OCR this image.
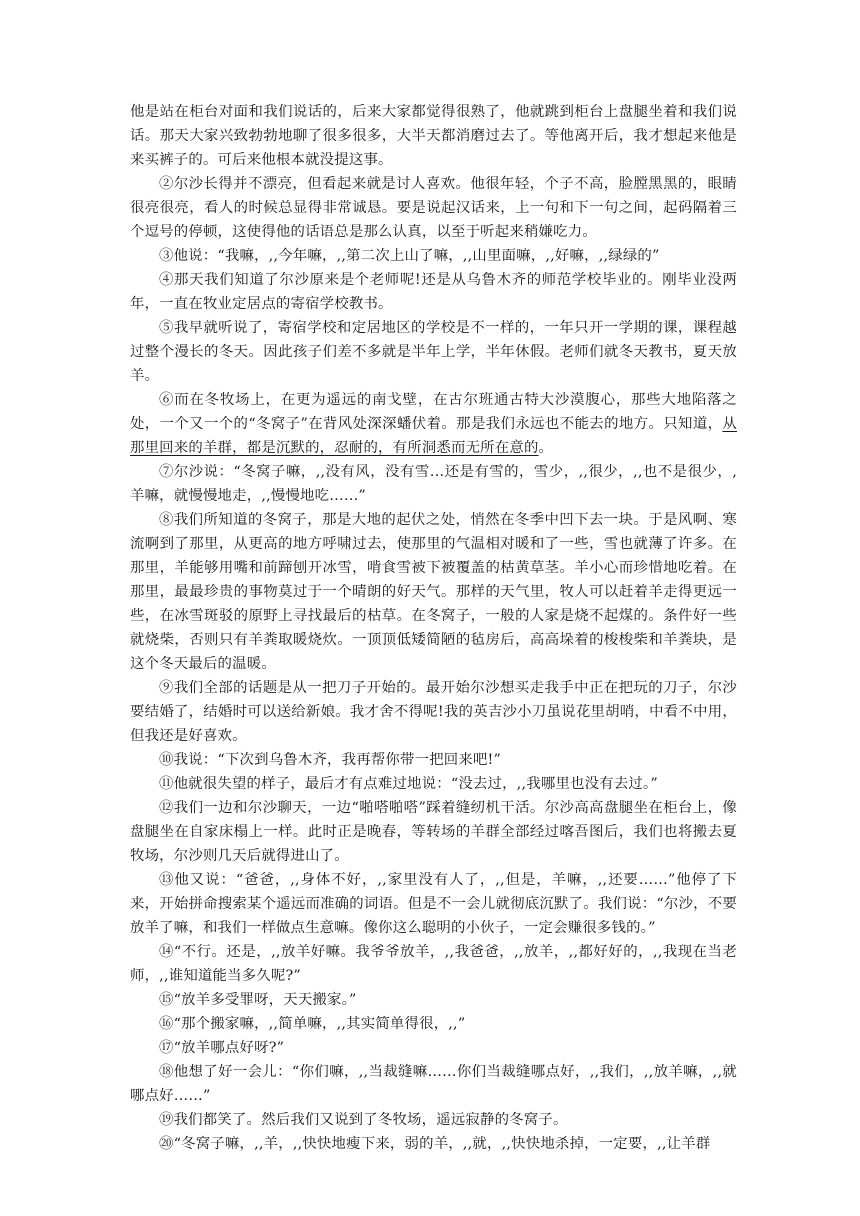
他是站在柜台对面和我们说话的，后来大家都觉得很熟了，他就跳到柜台上盘腿坐着和我们说话。那天大家兴致勃勃地聊了很多很多，大半天都消磨过去了。等他离开后，我才想起来他是来买裤子的。可后来他根本就没提这事。

②尔沙长得并不漂亮，但看起来就是讨人喜欢。他很年轻，个子不高，脸膛黑黑的，眼睛很亮很亮，看人的时候总显得非常诚恳。要是说起汉话来，上一句和下一句之间，起码隔着三个逗号的停顿，这使得他的话语总是那么认真，以至于听起来稍嫌吃力。

③他说：“我嘛，,,今年嘛，,,第二次上山了嘛，,,山里面嘛，,,好嘛，,,绿绿的”

④那天我们知道了尔沙原来是个老师呢!还是从乌鲁木齐的师范学校毕业的。刚毕业没两年，一直在牧业定居点的寄宿学校教书。

⑤我早就听说了，寄宿学校和定居地区的学校是不一样的，一年只开一学期的课，课程越过整个漫长的冬天。因此孩子们差不多就是半年上学，半年休假。老师们就冬天教书，夏天放羊。

⑥而在冬牧场上，在更为遥远的南戈壁，在古尔班通古特大沙漠腹心，那些大地陷落之处，一个又一个的“冬窝子”在背风处深深蟠伏着。那是我们永远也不能去的地方。只知道，从那里回来的羊群，都是沉默的，忍耐的，有所洞悉而无所在意的。

⑦尔沙说：“冬窝子嘛，,,没有风，没有雪…还是有雪的，雪少，,,很少，,,也不是很少，,羊嘛，就慢慢地走，,,慢慢地吃……”

⑧我们所知道的冬窝子，那是大地的起伏之处，悄然在冬季中凹下去一块。于是风啊、寒流啊到了那里，从更高的地方呼啸过去，使那里的气温相对暖和了一些，雪也就薄了许多。在那里，羊能够用嘴和前蹄刨开冰雪，啃食雪被下被覆盖的枯黄草茎。羊小心而珍惜地吃着。在那里，最最珍贵的事物莫过于一个晴朗的好天气。那样的天气里，牧人可以赶着羊走得更远一些，在冰雪斑驳的原野上寻找最后的枯草。在冬窝子，一般的人家是烧不起煤的。条件好一些就烧柴，否则只有羊粪取暖烧炊。一顶顶低矮简陋的毡房后，高高垛着的梭梭柴和羊粪块，是这个冬天最后的温暖。

⑨我们全部的话题是从一把刀子开始的。最开始尔沙想买走我手中正在把玩的刀子，尔沙要结婚了，结婚时可以送给新娘。我才舍不得呢!我的英吉沙小刀虽说花里胡哨，中看不中用，但我还是好喜欢。

⑩我说：“下次到乌鲁木齐，我再帮你带一把回来吧!”

⑪他就很失望的样子，最后才有点难过地说：“没去过，,,我哪里也没有去过。”

⑫我们一边和尔沙聊天，一边“啪嗒啪嗒”踩着缝纫机干活。尔沙高高盘腿坐在柜台上，像盘腿坐在自家床榻上一样。此时正是晚春，等转场的羊群全部经过喀吾图后，我们也将搬去夏牧场，尔沙则几天后就得进山了。

⑬他又说：“爸爸，,,身体不好，,,家里没有人了，,,但是，羊嘛，,,还要……”他停了下来，开始拼命搜索某个遥远而准确的词语。但是不一会儿就彻底沉默了。我们说：“尔沙，不要放羊了嘛，和我们一样做点生意嘛。像你这么聪明的小伙子，一定会赚很多钱的。”

⑭“不行。还是，,,放羊好嘛。我爷爷放羊，,,我爸爸，,,放羊，,,都好好的，,,我现在当老师，,,谁知道能当多久呢?”

⑮“放羊多受罪呀，天天搬家。”

⑯“那个搬家嘛，,,简单嘛，,,其实简单得很，,,”

⑰“放羊哪点好呀?”

⑱他想了好一会儿：“你们嘛，,,当裁缝嘛……你们当裁缝哪点好，,,我们，,,放羊嘛，,,就哪点好……”

⑲我们都笑了。然后我们又说到了冬牧场，遥远寂静的冬窝子。

⑳“冬窝子嘛，,,羊，,,快快地瘦下来，弱的羊，,,就，,,快快地杀掉，一定要，,,让羊群
